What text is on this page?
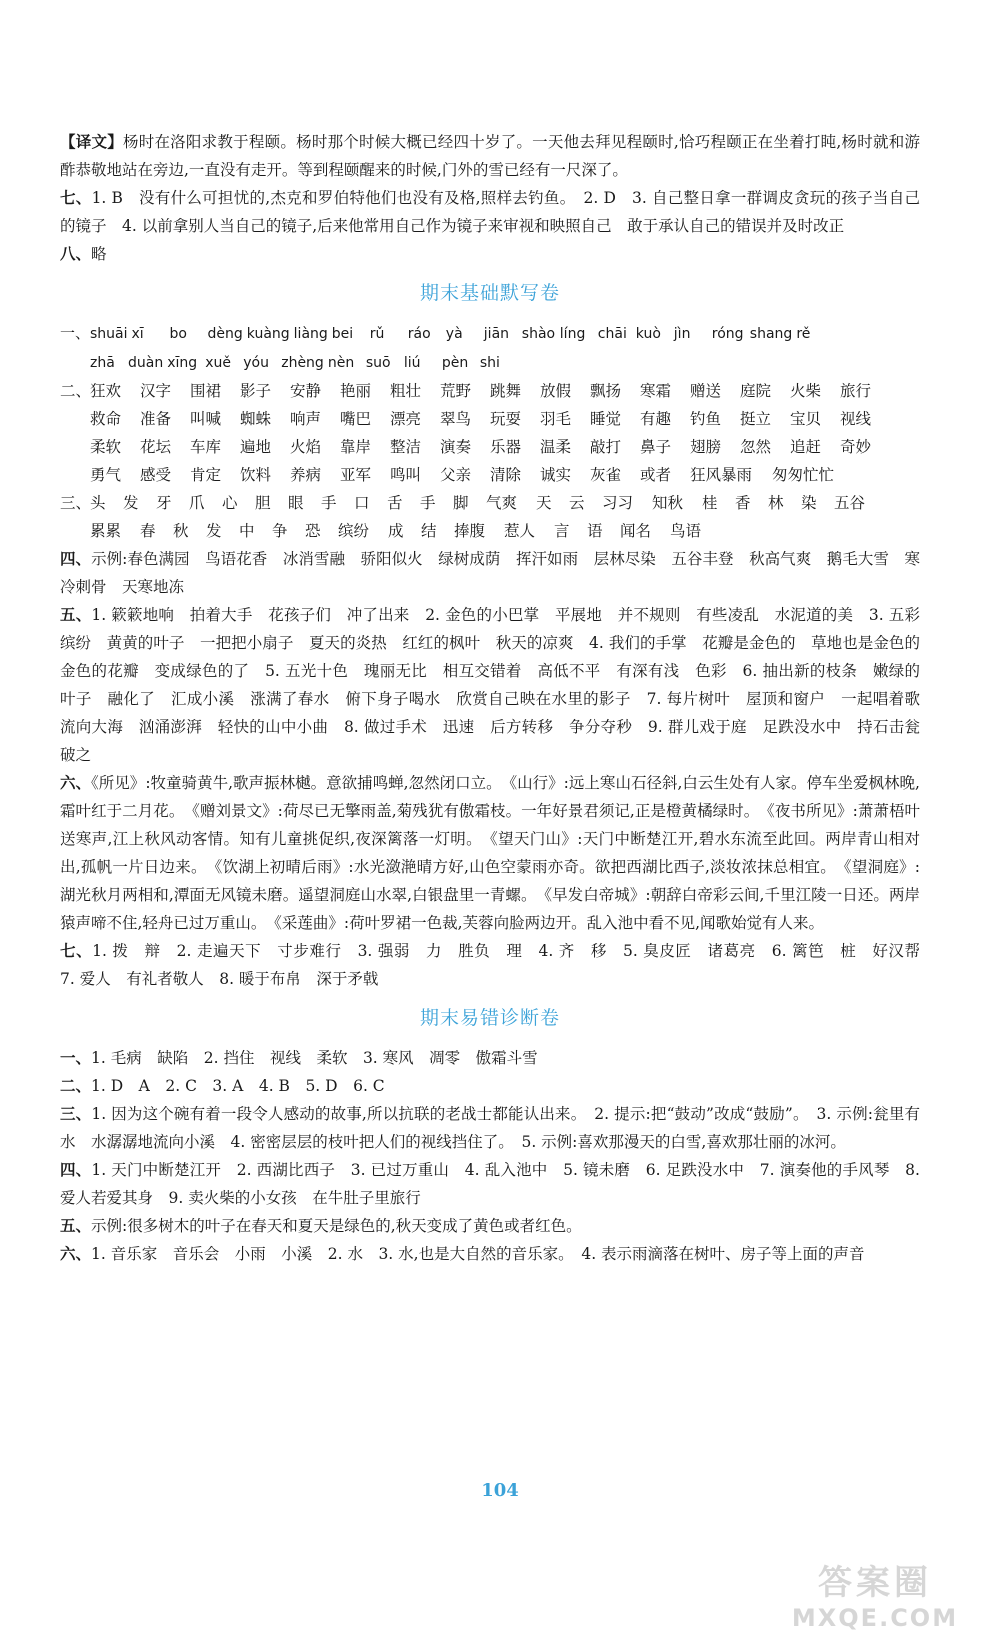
【译文】杨时在洛阳求教于程颐。杨时那个时候大概已经四十岁了。一天他去拜见程颐时,恰巧程颐正在坐着打盹,杨时就和游酢恭敬地站在旁边,一直没有走开。等到程颐醒来的时候,门外的雪已经有一尺深了。

七、1. B　没有什么可担忧的,杰克和罗伯特他们也没有及格,照样去钓鱼。　2. D　3. 自己整日拿一群调皮贪玩的孩子当自己的镜子　4. 以前拿别人当自己的镜子,后来他常用自己作为镜子来审视和映照自己　敢于承认自己的错误并及时改正

八、略

期末基础默写卷
一、 shuāi xī bo dèng kuàng liàng bei rǔ ráo yà jiān shào líng chāi kuò jìn róng shang rě
zhā duàn xīng xuě yóu zhèng nèn suō liú pèn shi
二、
狂欢 汉字 围裙 影子 安静 艳丽 粗壮 荒野 跳舞 放假 飘扬 寒霜 赠送 庭院 火柴 旅行救命 准备 叫喊 蜘蛛 响声 嘴巴 漂亮 翠鸟 玩耍 羽毛 睡觉 有趣 钓鱼 挺立 宝贝 视线柔软 花坛 车库 遍地 火焰 靠岸 整洁 演奏 乐器 温柔 敲打 鼻子 翅膀 忽然 追赶 奇妙勇气 感受 肯定 饮料 养病 亚军 鸣叫 父亲 清除 诚实 灰雀 或者 狂风暴雨 匆匆忙忙
三、
头 发 牙 爪 心 胆 眼 手 口 舌 手 脚 气爽 天 云 习习 知秋 桂 香 林 染 五谷累累 春 秋 发 中 争 恐 缤纷 成 结 捧腹 惹人 言 语 闻名 鸟语

四、示例:春色满园　鸟语花香　冰消雪融　骄阳似火　绿树成荫　挥汗如雨　层林尽染　五谷丰登　秋高气爽　鹅毛大雪　寒冷刺骨　天寒地冻

五、1. 簌簌地响　拍着大手　花孩子们　冲了出来　2. 金色的小巴掌　平展地　并不规则　有些凌乱　水泥道的美　3. 五彩缤纷　黄黄的叶子　一把把小扇子　夏天的炎热　红红的枫叶　秋天的凉爽　4. 我们的手掌　花瓣是金色的　草地也是金色的　金色的花瓣　变成绿色的了　5. 五光十色　瑰丽无比　相互交错着　高低不平　有深有浅　色彩　6. 抽出新的枝条　嫩绿的叶子　融化了　汇成小溪　涨满了春水　俯下身子喝水　欣赏自己映在水里的影子　7. 每片树叶　屋顶和窗户　一起唱着歌　流向大海　汹涌澎湃　轻快的山中小曲　8. 做过手术　迅速　后方转移　争分夺秒　9. 群儿戏于庭　足跌没水中　持石击瓮破之

六、《所见》:牧童骑黄牛,歌声振林樾。意欲捕鸣蝉,忽然闭口立。　《山行》:远上寒山石径斜,白云生处有人家。停车坐爱枫林晚,霜叶红于二月花。　《赠刘景文》:荷尽已无擎雨盖,菊残犹有傲霜枝。一年好景君须记,正是橙黄橘绿时。　《夜书所见》:萧萧梧叶送寒声,江上秋风动客情。知有儿童挑促织,夜深篱落一灯明。　《望天门山》:天门中断楚江开,碧水东流至此回。两岸青山相对出,孤帆一片日边来。　《饮湖上初晴后雨》:水光潋滟晴方好,山色空蒙雨亦奇。欲把西湖比西子,淡妆浓抹总相宜。　《望洞庭》:湖光秋月两相和,潭面无风镜未磨。遥望洞庭山水翠,白银盘里一青螺。　《早发白帝城》:朝辞白帝彩云间,千里江陵一日还。两岸猿声啼不住,轻舟已过万重山。　《采莲曲》:荷叶罗裙一色裁,芙蓉向脸两边开。乱入池中看不见,闻歌始觉有人来。

七、1. 拨　辩　2. 走遍天下　寸步难行　3. 强弱　力　胜负　理　4. 齐　移　5. 臭皮匠　诸葛亮　6. 篱笆　桩　好汉帮　7. 爱人　有礼者敬人　8. 暖于布帛　深于矛戟

期末易错诊断卷

一、1. 毛病　缺陷　2. 挡住　视线　柔软　3. 寒风　凋零　傲霜斗雪

二、1. D　A　2. C　3. A　4. B　5. D　6. C

三、1. 因为这个碗有着一段令人感动的故事,所以抗联的老战士都能认出来。　2. 提示:把“鼓动”改成“鼓励”。　3. 示例:瓮里有水　水潺潺地流向小溪　4. 密密层层的枝叶把人们的视线挡住了。　5. 示例:喜欢那漫天的白雪,喜欢那壮丽的冰河。

四、1. 天门中断楚江开　2. 西湖比西子　3. 已过万重山　4. 乱入池中　5. 镜未磨　6. 足跌没水中　7. 演奏他的手风琴　8. 爱人若爱其身　9. 卖火柴的小女孩　在牛肚子里旅行

五、示例:很多树木的叶子在春天和夏天是绿色的,秋天变成了黄色或者红色。

六、1. 音乐家　音乐会　小雨　小溪　2. 水　3. 水,也是大自然的音乐家。　4. 表示雨滴落在树叶、房子等上面的声音

104
答案圈
MXQE.COM
